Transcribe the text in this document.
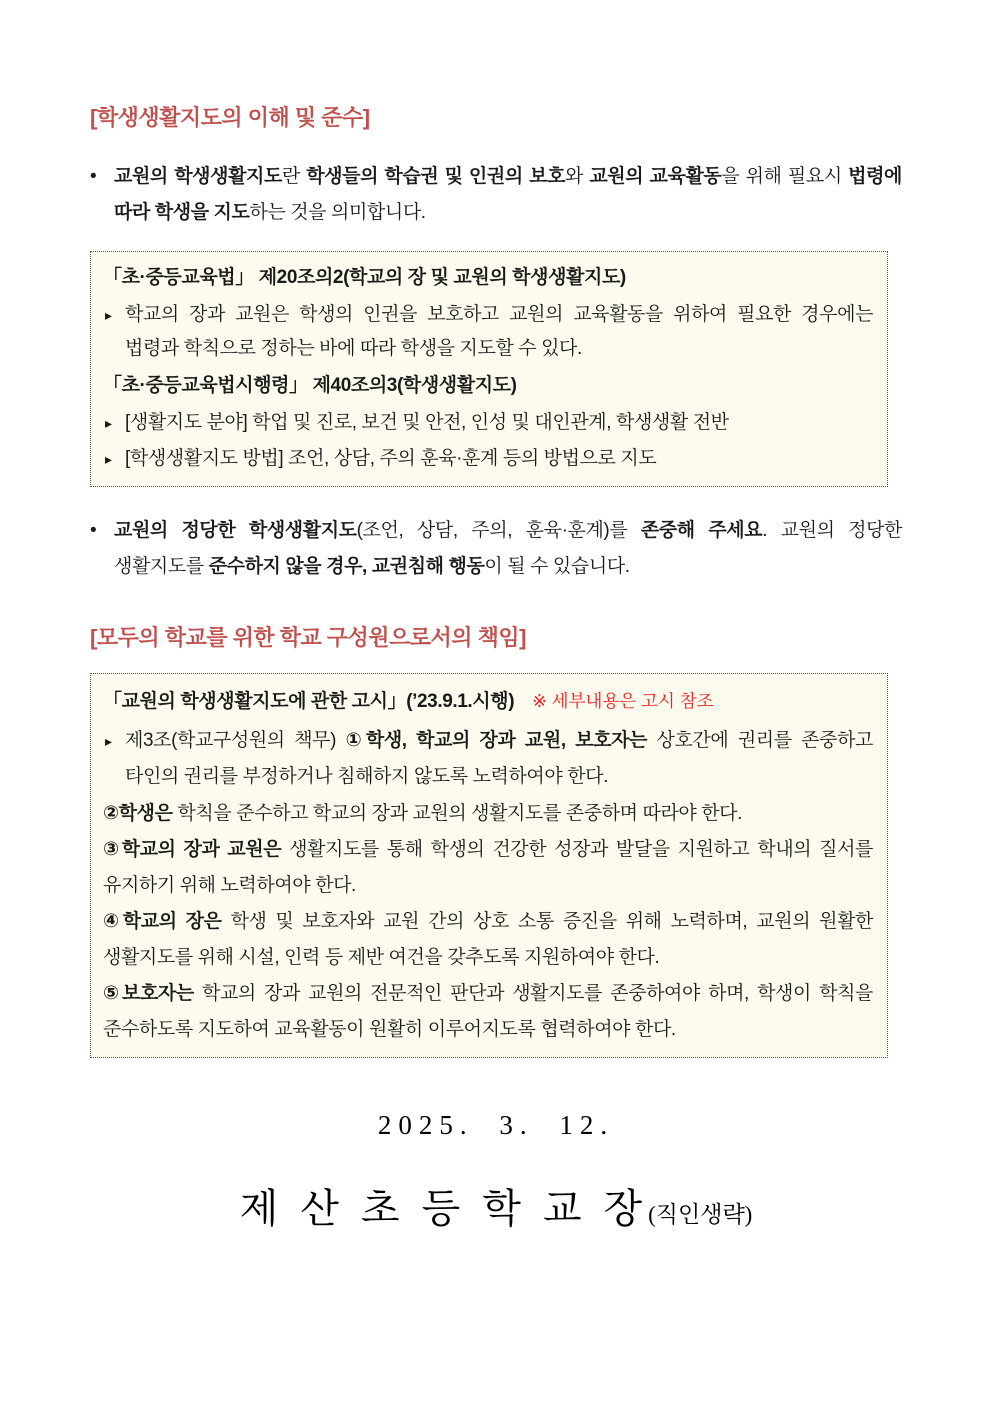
[학생생활지도의 이해 및 준수]
• 교원의 학생생활지도란 학생들의 학습권 및 인권의 보호와 교원의 교육활동을 위해 필요시 법령에 따라 학생을 지도하는 것을 의미합니다.

「초·중등교육법」 제20조의2(학교의 장 및 교원의 학생생활지도)

▸ 학교의 장과 교원은 학생의 인권을 보호하고 교원의 교육활동을 위하여 필요한 경우에는 법령과 학칙으로 정하는 바에 따라 학생을 지도할 수 있다.

「초·중등교육법시행령」 제40조의3(학생생활지도)

▸ [생활지도 분야] 학업 및 진로, 보건 및 안전, 인성 및 대인관계, 학생생활 전반

▸ [학생생활지도 방법] 조언, 상담, 주의 훈육·훈계 등의 방법으로 지도

• 교원의 정당한 학생생활지도(조언, 상담, 주의, 훈육·훈계)를 존중해 주세요. 교원의 정당한 생활지도를 준수하지 않을 경우, 교권침해 행동이 될 수 있습니다.

[모두의 학교를 위한 학교 구성원으로서의 책임]

「교원의 학생생활지도에 관한 고시」(’23.9.1.시행) ※ 세부내용은 고시 참조

▸ 제3조(학교구성원의 책무) ①학생, 학교의 장과 교원, 보호자는 상호간에 권리를 존중하고 타인의 권리를 부정하거나 침해하지 않도록 노력하여야 한다.

②학생은 학칙을 준수하고 학교의 장과 교원의 생활지도를 존중하며 따라야 한다.

③학교의 장과 교원은 생활지도를 통해 학생의 건강한 성장과 발달을 지원하고 학내의 질서를 유지하기 위해 노력하여야 한다.

④학교의 장은 학생 및 보호자와 교원 간의 상호 소통 증진을 위해 노력하며, 교원의 원활한 생활지도를 위해 시설, 인력 등 제반 여건을 갖추도록 지원하여야 한다.

⑤보호자는 학교의 장과 교원의 전문적인 판단과 생활지도를 존중하여야 하며, 학생이 학칙을 준수하도록 지도하여 교육활동이 원활히 이루어지도록 협력하여야 한다.

2025. 3. 12.
제 산 초 등 학 교 장(직인생략)
